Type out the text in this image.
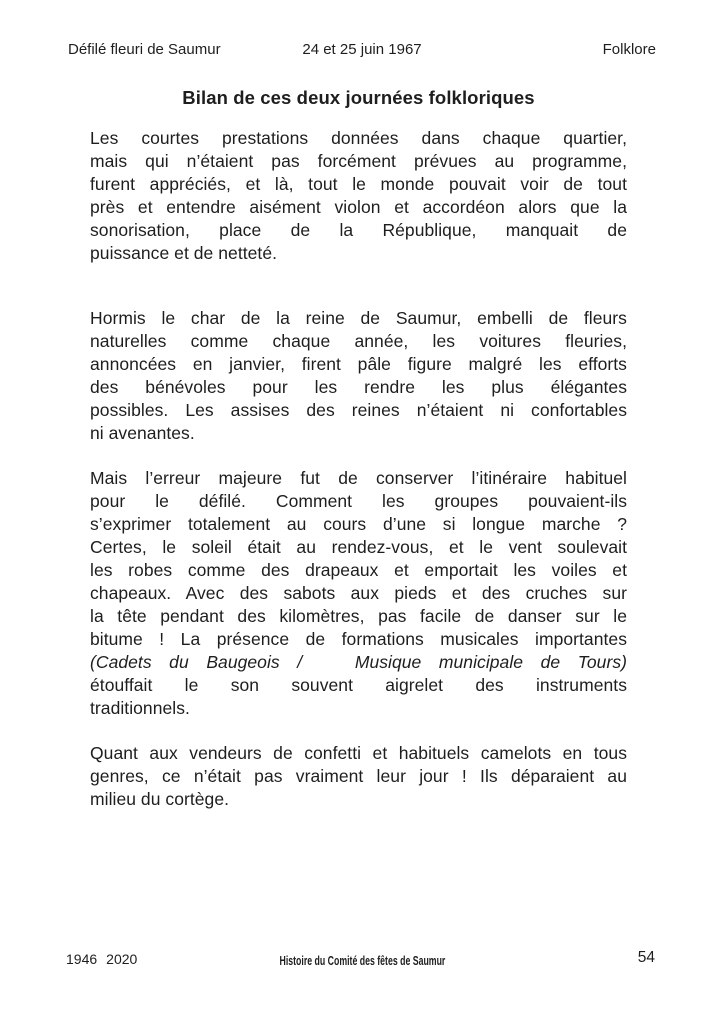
Défilé fleuri de Saumur	24 et 25 juin 1967	Folklore
Bilan de ces deux journées folkloriques
Les courtes prestations données dans chaque quartier,
mais qui n’étaient pas forcément prévues au programme,
furent appréciés, et là, tout le monde pouvait voir de tout
près et entendre aisément violon et accordéon alors que la
sonorisation, place de la République, manquait de
puissance et de netteté.
Hormis le char de la reine de Saumur, embelli de fleurs
naturelles comme chaque année, les voitures fleuries,
annoncées en janvier, firent pâle figure malgré les efforts
des bénévoles pour les rendre les plus élégantes
possibles. Les assises des reines n’étaient ni confortables
ni avenantes.
Mais l’erreur majeure fut de conserver l’itinéraire habituel
pour le défilé. Comment les groupes pouvaient-ils
s’exprimer totalement au cours d’une si longue marche ?
Certes, le soleil était au rendez-vous, et le vent soulevait
les robes comme des drapeaux et emportait les voiles et
chapeaux. Avec des sabots aux pieds et des cruches sur
la tête pendant des kilomètres, pas facile de danser sur le
bitume ! La présence de formations musicales importantes
(Cadets du Baugeois /   Musique municipale de Tours)
étouffait le son souvent aigrelet des instruments
traditionnels.
Quant aux vendeurs de confetti et habituels camelots en tous
genres, ce n’était pas vraiment leur jour ! Ils déparaient au
milieu du cortège.
1946 2020	Histoire du Comité des fêtes de Saumur	54
